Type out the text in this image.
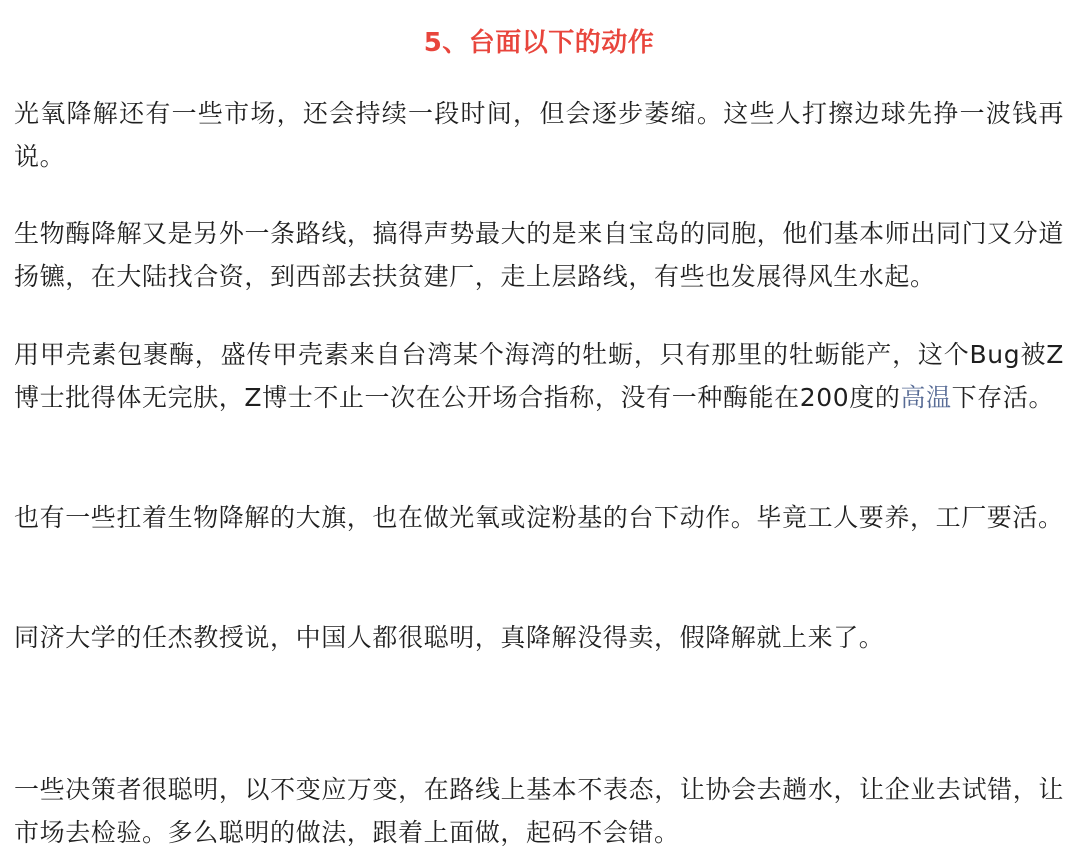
5、台面以下的动作

光氧降解还有一些市场，还会持续一段时间，但会逐步萎缩。这些人打擦边球先挣一波钱再说。

生物酶降解又是另外一条路线，搞得声势最大的是来自宝岛的同胞，他们基本师出同门又分道扬镳，在大陆找合资，到西部去扶贫建厂，走上层路线，有些也发展得风生水起。

用甲壳素包裹酶，盛传甲壳素来自台湾某个海湾的牡蛎，只有那里的牡蛎能产，这个Bug被Z博士批得体无完肤，Z博士不止一次在公开场合指称，没有一种酶能在200度的高温下存活。

也有一些扛着生物降解的大旗，也在做光氧或淀粉基的台下动作。毕竟工人要养，工厂要活。

同济大学的任杰教授说，中国人都很聪明，真降解没得卖，假降解就上来了。

一些决策者很聪明，以不变应万变，在路线上基本不表态，让协会去趟水，让企业去试错，让市场去检验。多么聪明的做法，跟着上面做，起码不会错。
